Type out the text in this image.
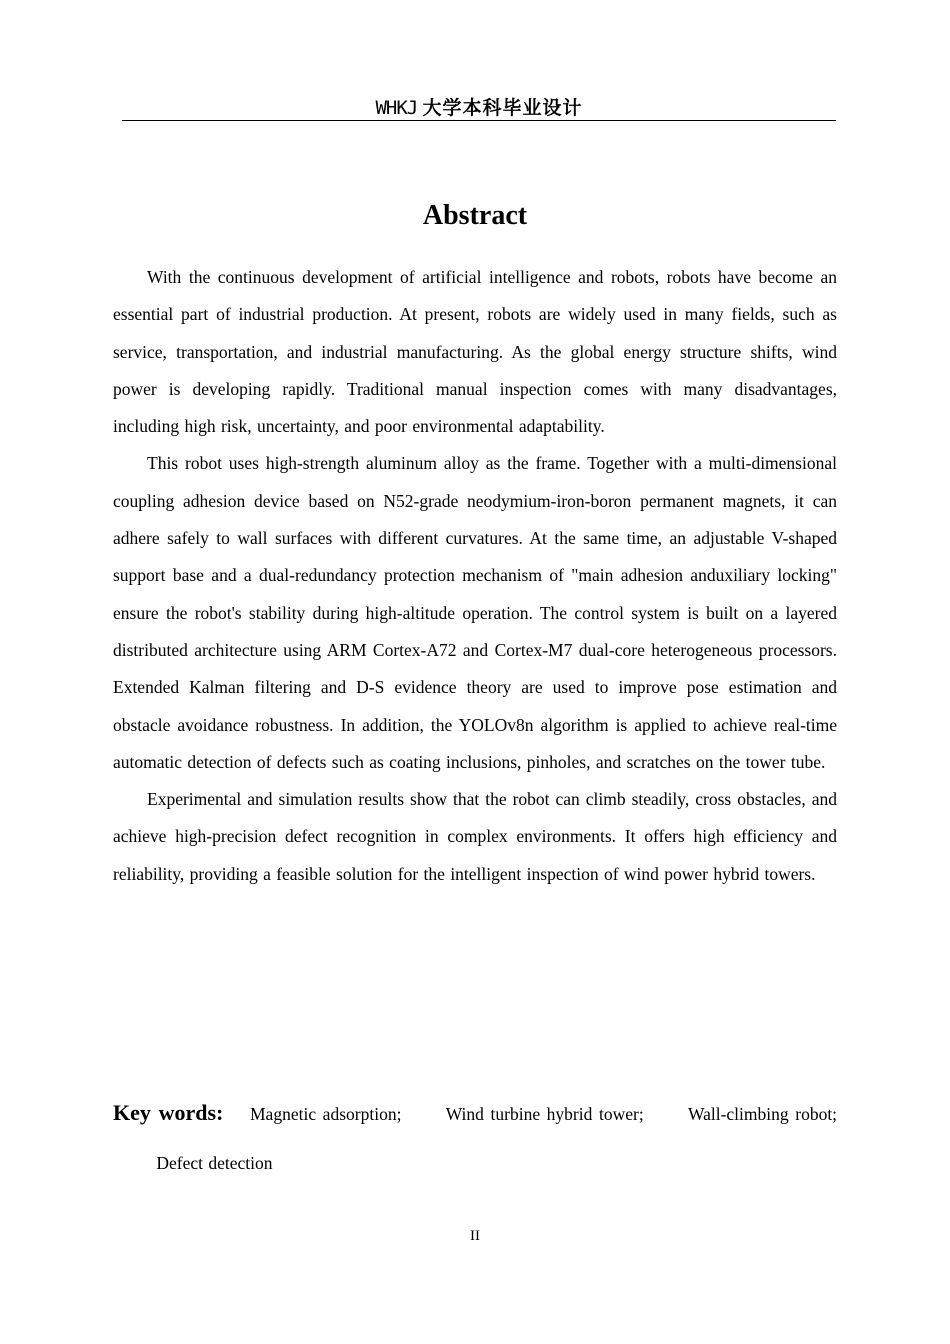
WHKJ 大学本科毕业设计
Abstract

With the continuous development of artificial intelligence and robots, robots have become an essential part of industrial production. At present, robots are widely used in many fields, such as service, transportation, and industrial manufacturing. As the global energy structure shifts, wind power is developing rapidly. Traditional manual inspection comes with many disadvantages, including high risk, uncertainty, and poor environmental adaptability.

This robot uses high-strength aluminum alloy as the frame. Together with a multi-dimensional coupling adhesion device based on N52-grade neodymium-iron-boron permanent magnets, it can adhere safely to wall surfaces with different curvatures. At the same time, an adjustable V-shaped support base and a dual-redundancy protection mechanism of "main adhesion anduxiliary locking" ensure the robot's stability during high-altitude operation. The control system is built on a layered distributed architecture using ARM Cortex-A72 and Cortex-M7 dual-core heterogeneous processors. Extended Kalman filtering and D-S evidence theory are used to improve pose estimation and obstacle avoidance robustness. In addition, the YOLOv8n algorithm is applied to achieve real-time automatic detection of defects such as coating inclusions, pinholes, and scratches on the tower tube.

Experimental and simulation results show that the robot can climb steadily, cross obstacles, and achieve high-precision defect recognition in complex environments. It offers high efficiency and reliability, providing a feasible solution for the intelligent inspection of wind power hybrid towers.

Key words: Magnetic adsorption;	Wind turbine hybrid tower;	Wall-climbing robot; Defect detection
II
